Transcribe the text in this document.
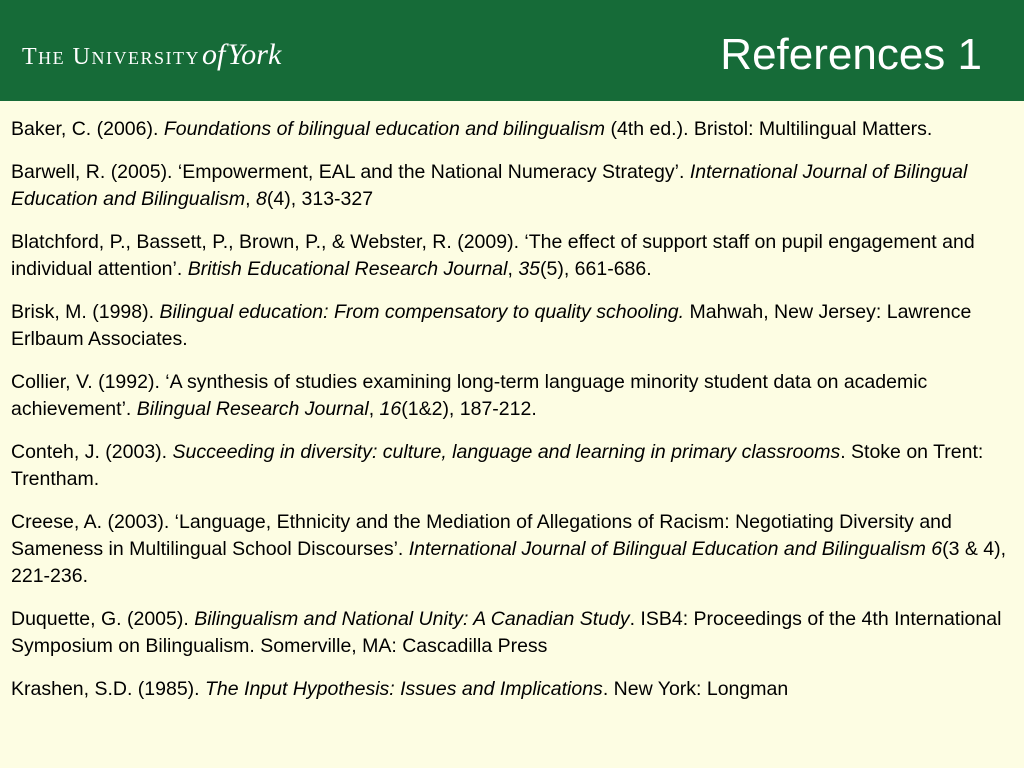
THE UNIVERSITYofYork	References 1

Baker, C. (2006). Foundations of bilingual education and bilingualism (4th ed.). Bristol: Multilingual Matters.

Barwell, R. (2005). ‘Empowerment, EAL and the National Numeracy Strategy’. International Journal of Bilingual Education and Bilingualism, 8(4), 313-327

Blatchford, P., Bassett, P., Brown, P., & Webster, R. (2009). ‘The effect of support staff on pupil engagement and individual attention’. British Educational Research Journal, 35(5), 661-686.

Brisk, M. (1998). Bilingual education: From compensatory to quality schooling. Mahwah, New Jersey: Lawrence Erlbaum Associates.

Collier, V. (1992). ‘A synthesis of studies examining long-term language minority student data on academic achievement’. Bilingual Research Journal, 16(1&2), 187-212.

Conteh, J. (2003). Succeeding in diversity: culture, language and learning in primary classrooms. Stoke on Trent: Trentham.

Creese, A. (2003). ‘Language, Ethnicity and the Mediation of Allegations of Racism: Negotiating Diversity and Sameness in Multilingual School Discourses’. International Journal of Bilingual Education and Bilingualism 6(3 & 4), 221-236.

Duquette, G. (2005). Bilingualism and National Unity: A Canadian Study. ISB4: Proceedings of the 4th International Symposium on Bilingualism. Somerville, MA: Cascadilla Press

Krashen, S.D. (1985). The Input Hypothesis: Issues and Implications. New York: Longman
